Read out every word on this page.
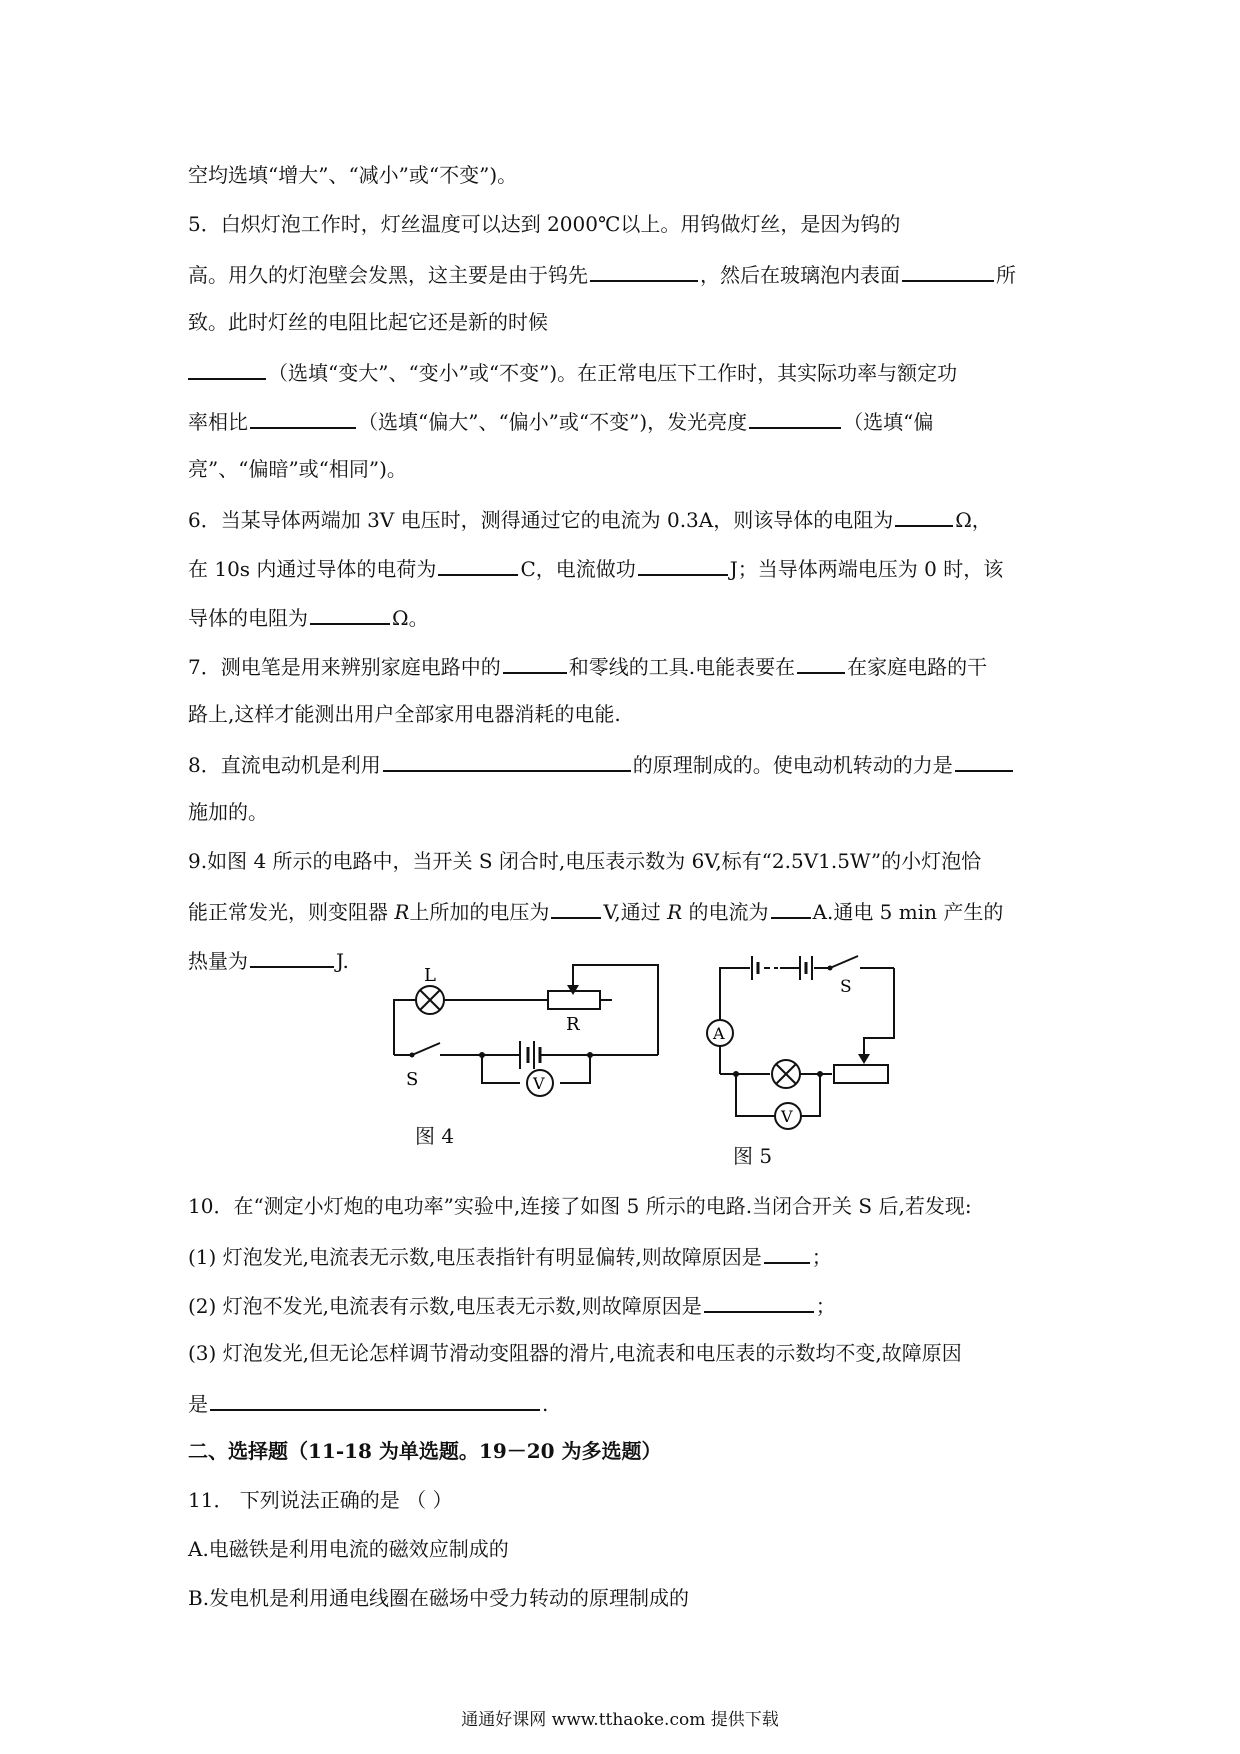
空均选填“增大”、“减小”或“不变”)。
5．白炽灯泡工作时，灯丝温度可以达到 2000℃以上。用钨做灯丝，是因为钨的
高。用久的灯泡壁会发黑，这主要是由于钨先	，然后在玻璃泡内表面	所
致。此时灯丝的电阻比起它还是新的时候
（选填“变大”、“变小”或“不变”)。在正常电压下工作时，其实际功率与额定功
率相比	（选填“偏大”、“偏小”或“不变”)，发光亮度	（选填“偏
亮”、“偏暗”或“相同”)。
6．当某导体两端加 3V 电压时，测得通过它的电流为 0.3A，则该导体的电阻为	Ω，
在 10s 内通过导体的电荷为	C，电流做功	J；当导体两端电压为 0 时，该
导体的电阻为	Ω。
7．测电笔是用来辨别家庭电路中的	和零线的工具.电能表要在	在家庭电路的干
路上,这样才能测出用户全部家用电器消耗的电能.
8．直流电动机是利用	的原理制成的。使电动机转动的力是
施加的。
9.如图 4 所示的电路中，当开关 S 闭合时,电压表示数为 6V,标有“2.5V1.5W”的小灯泡恰
能正常发光，则变阻器 R上所加的电压为	V,通过 R 的电流为 A.通电 5 min 产生的
热量为	J.
L
R
S	V
图 4
S
A
V
图 5
10．在“测定小灯炮的电功率”实验中,连接了如图 5 所示的电路.当闭合开关 S 后,若发现:
(1) 灯泡发光,电流表无示数,电压表指针有明显偏转,则故障原因是	；
(2) 灯泡不发光,电流表有示数,电压表无示数,则故障原因是	；
(3) 灯泡发光,但无论怎样调节滑动变阻器的滑片,电流表和电压表的示数均不变,故障原因
是	.
二、选择题（11-18 为单选题。19－20 为多选题）
11． 下列说法正确的是 （ ）
A.电磁铁是利用电流的磁效应制成的
B.发电机是利用通电线圈在磁场中受力转动的原理制成的
通通好课网 www.tthaoke.com 提供下载
